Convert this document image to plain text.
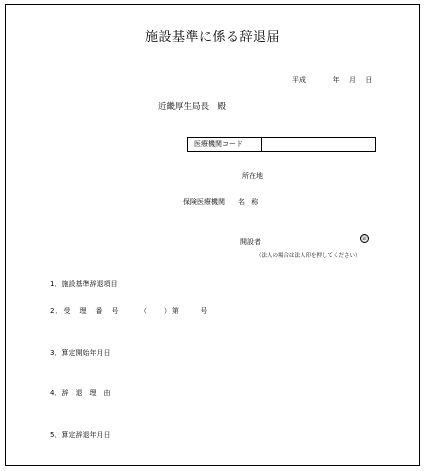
施設基準に係る辞退届
平成	年 月 日
近畿厚生局長　殿
医療機関コード
所在地
保険医療機関 名 称
開設者	㊞
（法人の場合は法人印を押してください）
1．施設基準辞退項目
2．受　理　番　号	（　　）第	号
3．算定開始年月日
4．辞　退　理　由
5．算定辞退年月日
